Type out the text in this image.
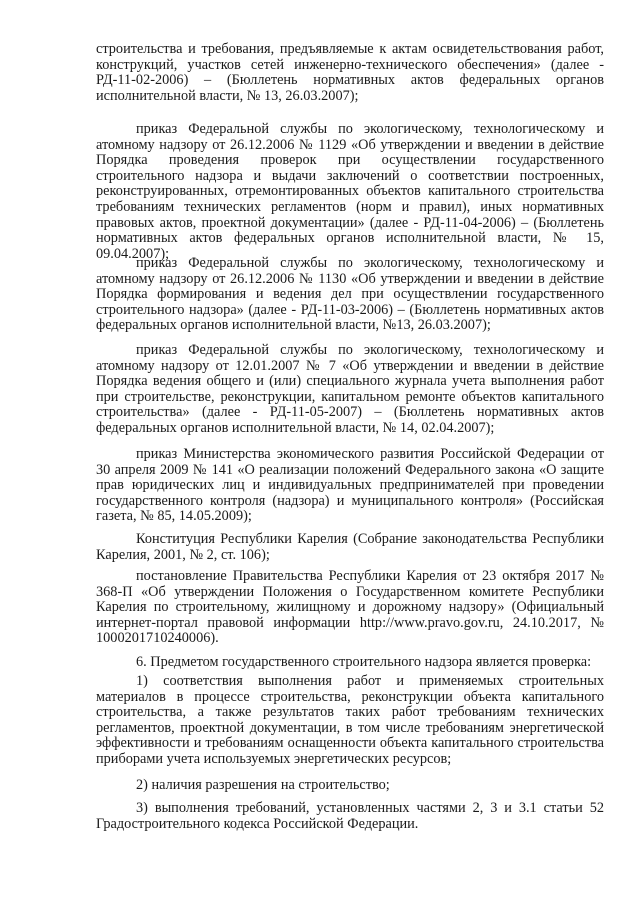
строительства и требования, предъявляемые к актам освидетельствования работ, конструкций, участков сетей инженерно-технического обеспечения» (далее - РД-11-02-2006) – (Бюллетень нормативных актов федеральных органов исполнительной власти, № 13, 26.03.2007);

приказ Федеральной службы по экологическому, технологическому и атомному надзору от 26.12.2006 № 1129 «Об утверждении и введении в действие Порядка проведения проверок при осуществлении государственного строительного надзора и выдачи заключений о соответствии построенных, реконструированных, отремонтированных объектов капитального строительства требованиям технических регламентов (норм и правил), иных нормативных правовых актов, проектной документации» (далее - РД-11-04-2006) – (Бюллетень нормативных актов федеральных органов исполнительной власти, № 15, 09.04.2007);

приказ Федеральной службы по экологическому, технологическому и атомному надзору от 26.12.2006 № 1130 «Об утверждении и введении в действие Порядка формирования и ведения дел при осуществлении государственного строительного надзора» (далее - РД-11-03-2006) – (Бюллетень нормативных актов федеральных органов исполнительной власти, №13, 26.03.2007);

приказ Федеральной службы по экологическому, технологическому и атомному надзору от 12.01.2007 № 7 «Об утверждении и введении в действие Порядка ведения общего и (или) специального журнала учета выполнения работ при строительстве, реконструкции, капитальном ремонте объектов капитального строительства» (далее - РД-11-05-2007) – (Бюллетень нормативных актов федеральных органов исполнительной власти, № 14, 02.04.2007);

приказ Министерства экономического развития Российской Федерации от 30 апреля 2009 № 141 «О реализации положений Федерального закона «О защите прав юридических лиц и индивидуальных предпринимателей при проведении государственного контроля (надзора) и муниципального контроля» (Российская газета, № 85, 14.05.2009);

Конституция Республики Карелия (Собрание законодательства Республики Карелия, 2001, № 2, ст. 106);

постановление Правительства Республики Карелия от 23 октября 2017 № 368-П «Об утверждении Положения о Государственном комитете Республики Карелия по строительному, жилищному и дорожному надзору» (Официальный интернет-портал правовой информации http://www.pravo.gov.ru, 24.10.2017, № 1000201710240006).

6. Предметом государственного строительного надзора является проверка:

1) соответствия выполнения работ и применяемых строительных материалов в процессе строительства, реконструкции объекта капитального строительства, а также результатов таких работ требованиям технических регламентов, проектной документации, в том числе требованиям энергетической эффективности и требованиям оснащенности объекта капитального строительства приборами учета используемых энергетических ресурсов;

2) наличия разрешения на строительство;

3) выполнения требований, установленных частями 2, 3 и 3.1 статьи 52 Градостроительного кодекса Российской Федерации.
